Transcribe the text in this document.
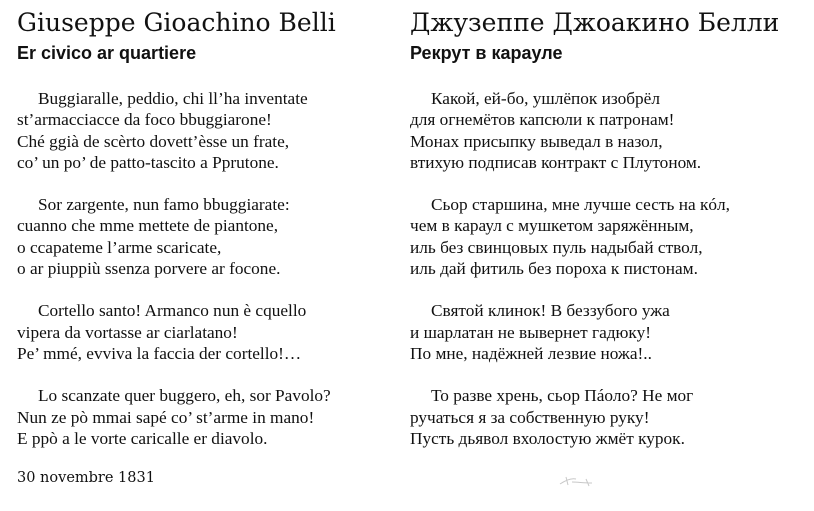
Giuseppe Gioachino Belli
Er civico ar quartiere
Buggiaralle, peddio, chi ll’ha inventate
st’armacciacce da foco bbuggiarone!
Ché ggià de scèrto dovett’èsse un frate,
co’ un po’ de patto-tascito a Pprutone.
Sor zargente, nun famo bbuggiarate:
cuanno che mme mettete de piantone,
o ccapateme l’arme scaricate,
o ar piuppiù ssenza porvere ar focone.
Cortello santo! Armanco nun è cquello
vipera da vortasse ar ciarlatano!
Pe’ mmé, evviva la faccia der cortello!…
Lo scanzate quer buggero, eh, sor Pavolo?
Nun ze pò mmai sapé co’ st’arme in mano!
E ppò a le vorte caricalle er diavolo.
Джузеппе Джоакино Белли
Рекрут в карауле
Какой, ей-бо, ушлёпок изобрёл
для огнемётов капсюли к патронам!
Монах присыпку выведал в назол,
втихую подписав контракт с Плутоном.
Сьор старшина, мне лучше сесть на кóл,
чем в караул с мушкетом заряжённым,
иль без свинцовых пуль надыбай ствол,
иль дай фитиль без пороха к пистонам.
Святой клинок! В беззубого ужа
и шарлатан не вывернет гадюку!
По мне, надёжней лезвие ножа!..
То разве хрень, сьор Пáоло? Не мог
ручаться я за собственную руку!
Пусть дьявол вхолостую жмёт курок.
30 novembre 1831
